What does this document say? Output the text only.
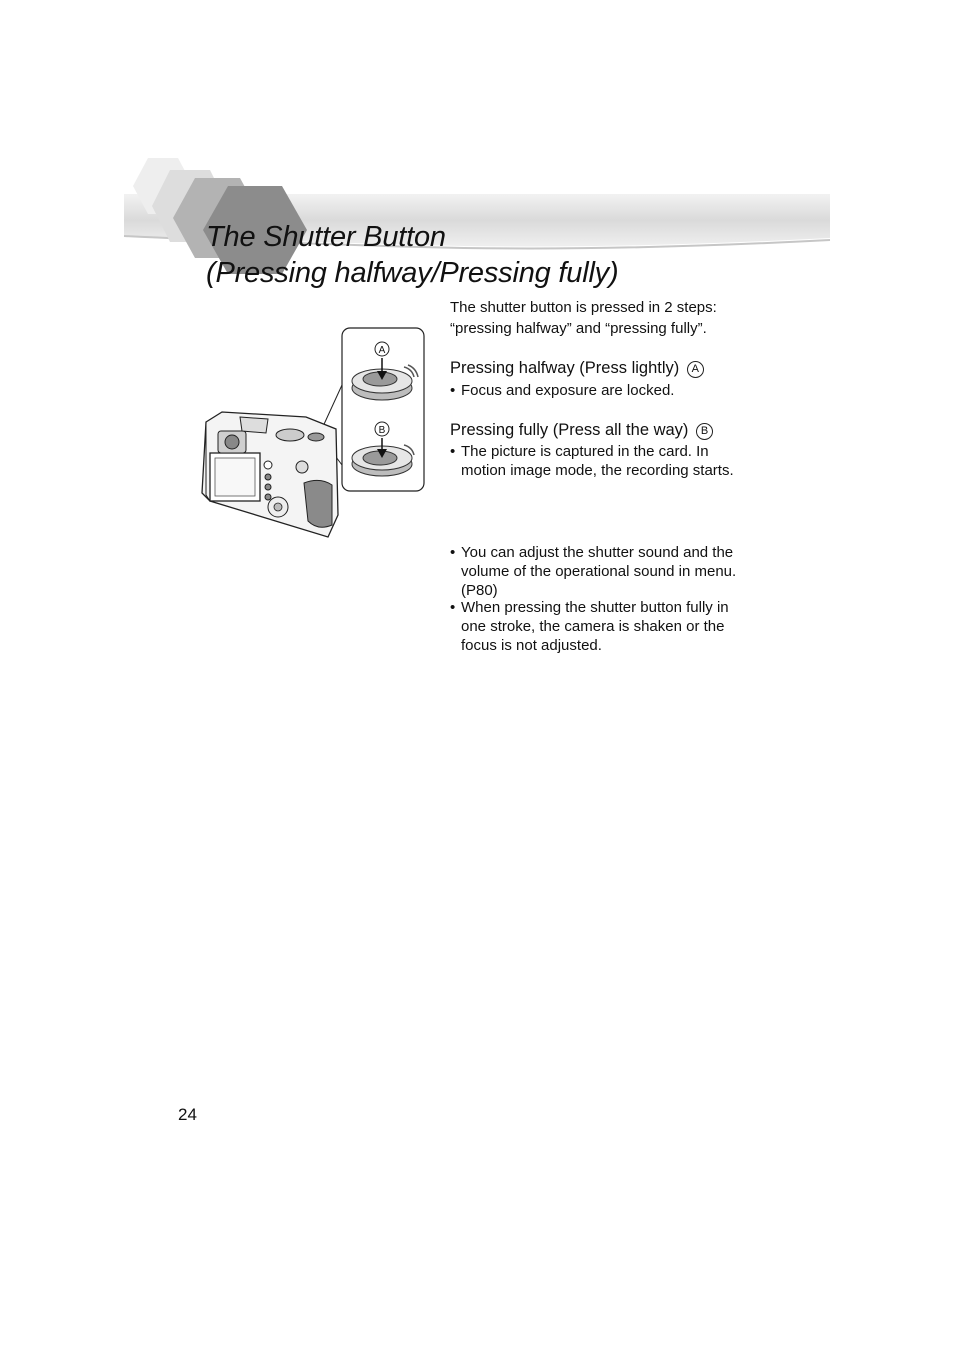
The Shutter Button
(Pressing halfway/Pressing fully)

The shutter button is pressed in 2 steps:

“pressing halfway” and “pressing fully”.

Pressing halfway (Press lightly) A

• Focus and exposure are locked.

Pressing fully (Press all the way) B

• The picture is captured in the card. In
motion image mode, the recording starts.
• You can adjust the shutter sound and the
volume of the operational sound in menu.
(P80)
• When pressing the shutter button fully in
one stroke, the camera is shaken or the
focus is not adjusted.
A
B
24
